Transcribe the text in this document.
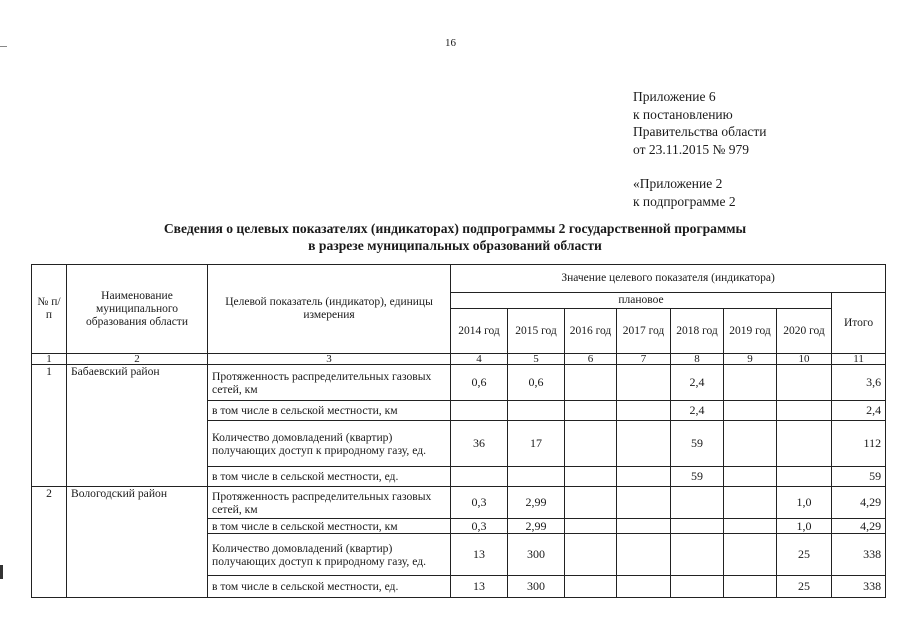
16
Приложение 6
к постановлению
Правительства области
от 23.11.2015 № 979
«Приложение 2
к подпрограмме 2
Сведения о целевых показателях (индикаторах) подпрограммы 2 государственной программы
в разрезе муниципальных образований области
№ п/п	Наименование муниципального образования области	Целевой показатель (индикатор), единицы измерения	Значение целевого показателя (индикатора)							
			плановое							Итого
			2014 год	2015 год	2016 год	2017 год	2018 год	2019 год	2020 год	
1	2	3	4	5	6	7	8	9	10	11
1	Бабаевский район	Протяженность распределительных газовых сетей, км	0,6	0,6			2,4			3,6
		в том числе в сельской местности, км					2,4			2,4
		Количество домовладений (квартир) получающих доступ к природному газу, ед.	36	17			59			112
		в том числе в сельской местности, ед.					59			59
2	Вологодский район	Протяженность распределительных газовых сетей, км	0,3	2,99					1,0	4,29
		в том числе в сельской местности, км	0,3	2,99					1,0	4,29
		Количество домовладений (квартир) получающих доступ к природному газу, ед.	13	300					25	338
		в том числе в сельской местности, ед.	13	300					25	338
